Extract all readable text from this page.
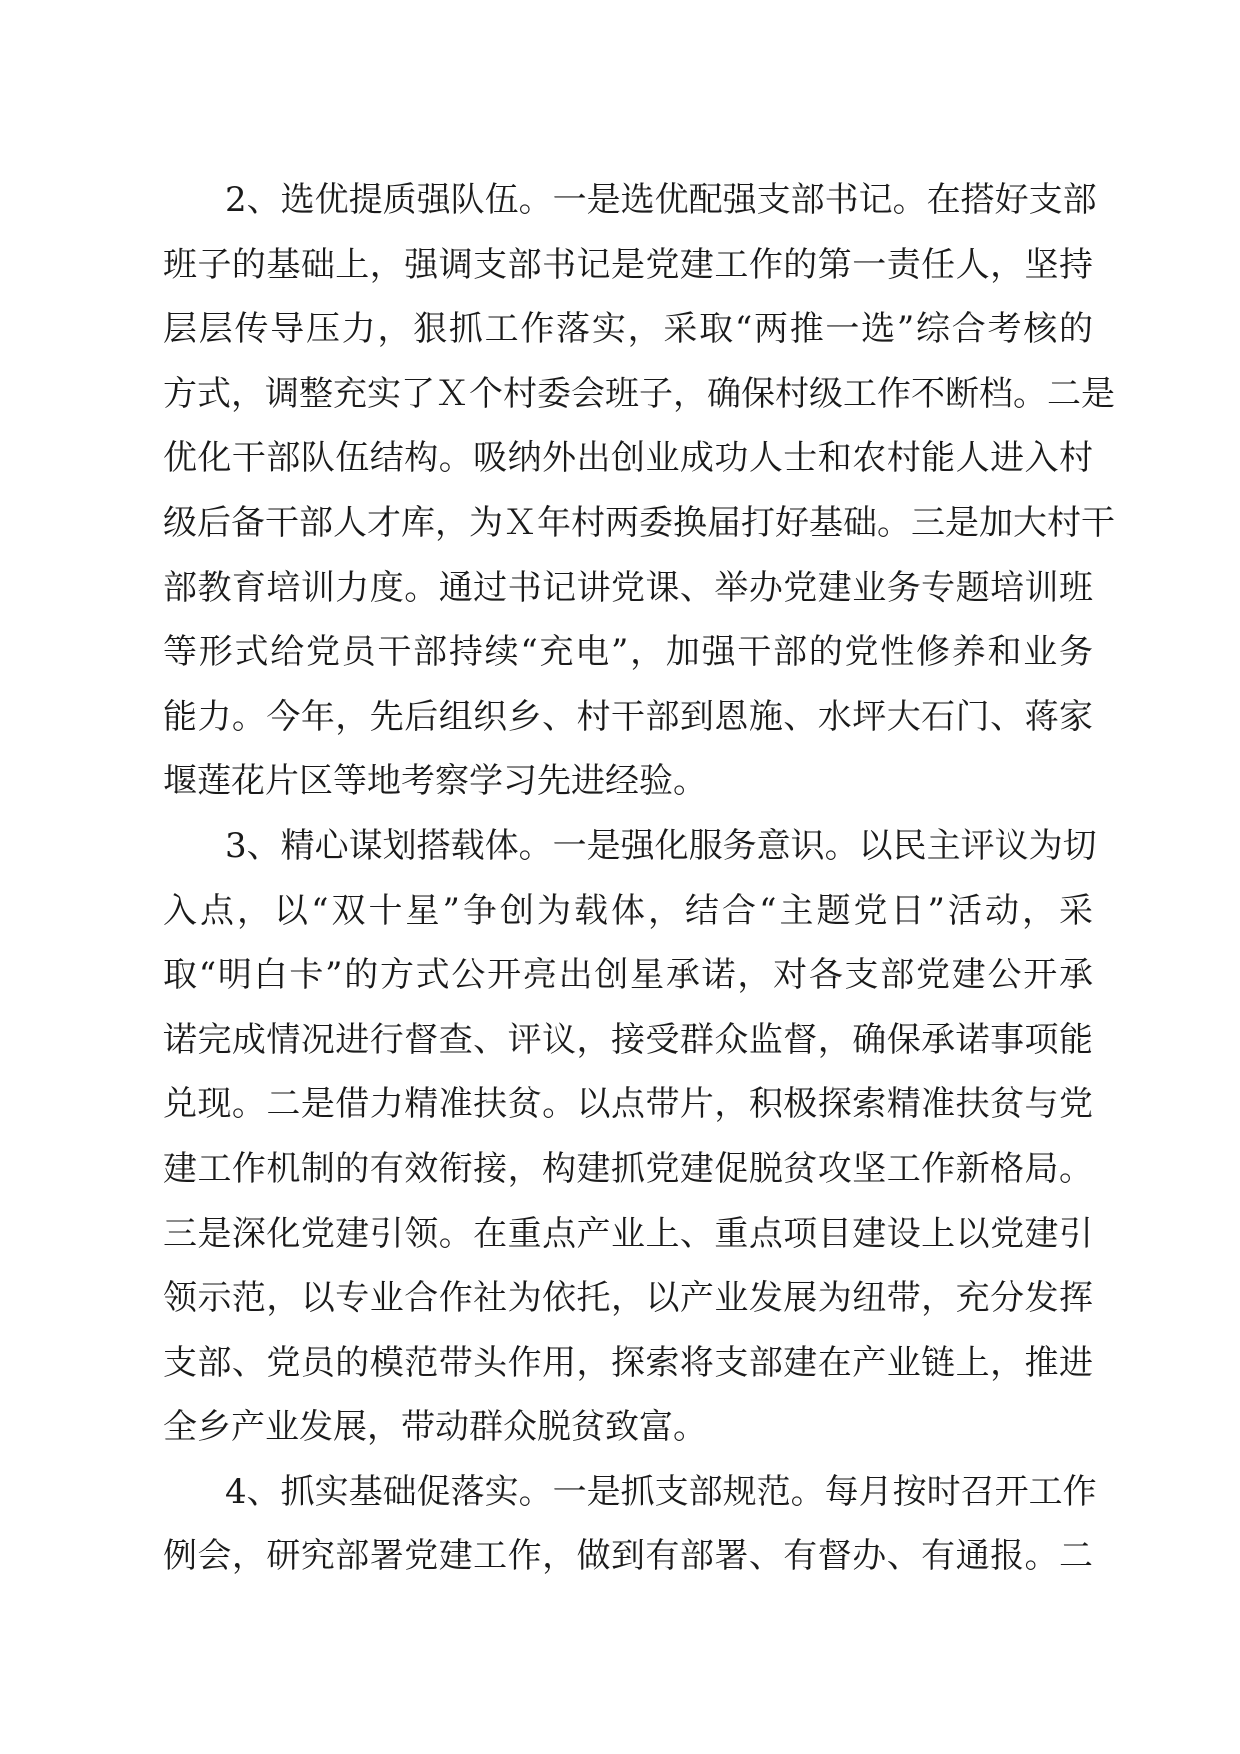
2、选优提质强队伍。一是选优配强支部书记。在搭好支部
班子的基础上，强调支部书记是党建工作的第一责任人，坚持
层层传导压力，狠抓工作落实，采取“两推一选”综合考核的
方式，调整充实了Ｘ个村委会班子，确保村级工作不断档。二是
优化干部队伍结构。吸纳外出创业成功人士和农村能人进入村
级后备干部人才库，为Ｘ年村两委换届打好基础。三是加大村干
部教育培训力度。通过书记讲党课、举办党建业务专题培训班
等形式给党员干部持续“充电”，加强干部的党性修养和业务
能力。今年，先后组织乡、村干部到恩施、水坪大石门、蒋家
堰莲花片区等地考察学习先进经验。
3、精心谋划搭载体。一是强化服务意识。以民主评议为切
入点，以“双十星”争创为载体，结合“主题党日”活动，采
取“明白卡”的方式公开亮出创星承诺，对各支部党建公开承
诺完成情况进行督查、评议，接受群众监督，确保承诺事项能
兑现。二是借力精准扶贫。以点带片，积极探索精准扶贫与党
建工作机制的有效衔接，构建抓党建促脱贫攻坚工作新格局。
三是深化党建引领。在重点产业上、重点项目建设上以党建引
领示范，以专业合作社为依托，以产业发展为纽带，充分发挥
支部、党员的模范带头作用，探索将支部建在产业链上，推进
全乡产业发展，带动群众脱贫致富。
4、抓实基础促落实。一是抓支部规范。每月按时召开工作
例会，研究部署党建工作，做到有部署、有督办、有通报。二
